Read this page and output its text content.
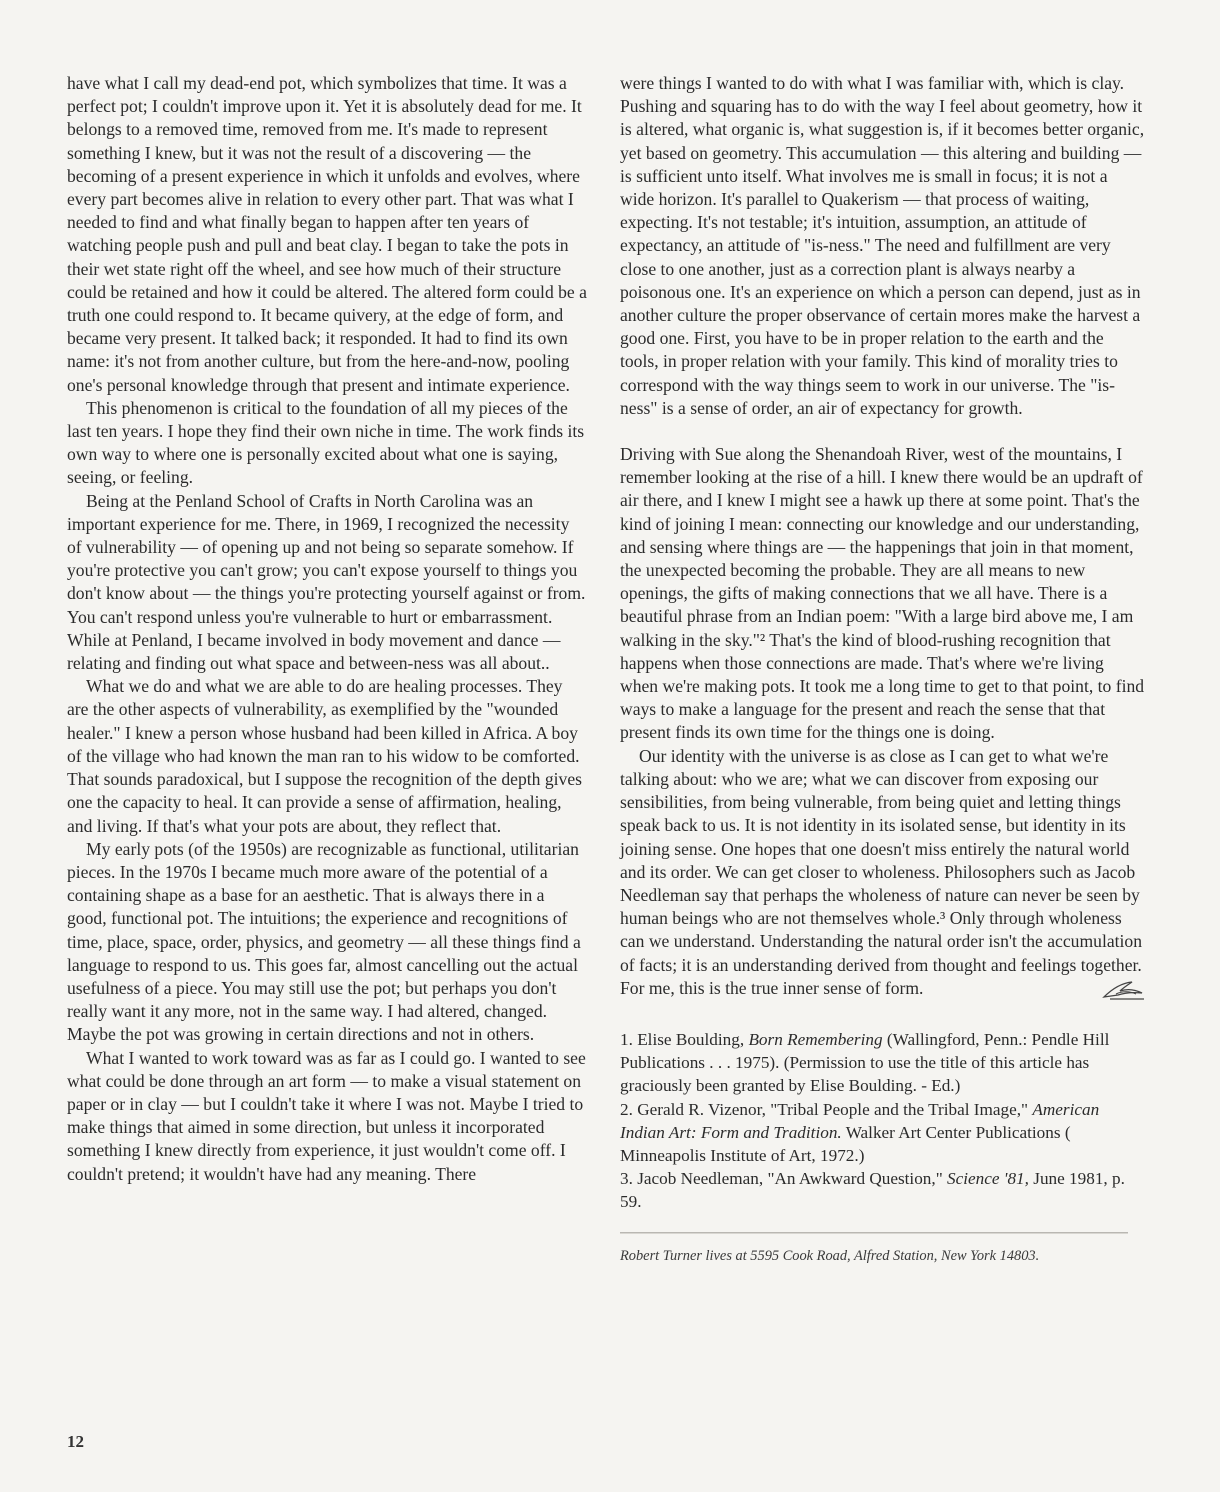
have what I call my dead-end pot, which symbolizes that time. It was a perfect pot; I couldn't improve upon it. Yet it is absolutely dead for me. It belongs to a removed time, removed from me. It's made to represent something I knew, but it was not the result of a discovering — the becoming of a present experience in which it unfolds and evolves, where every part becomes alive in relation to every other part. That was what I needed to find and what finally began to happen after ten years of watching people push and pull and beat clay. I began to take the pots in their wet state right off the wheel, and see how much of their structure could be retained and how it could be altered. The altered form could be a truth one could respond to. It became quivery, at the edge of form, and became very present. It talked back; it responded. It had to find its own name: it's not from another culture, but from the here-and-now, pooling one's personal knowledge through that present and intimate experience.

This phenomenon is critical to the foundation of all my pieces of the last ten years. I hope they find their own niche in time. The work finds its own way to where one is personally excited about what one is saying, seeing, or feeling.

Being at the Penland School of Crafts in North Carolina was an important experience for me. There, in 1969, I recognized the necessity of vulnerability — of opening up and not being so separate somehow. If you're protective you can't grow; you can't expose yourself to things you don't know about — the things you're protecting yourself against or from. You can't respond unless you're vulnerable to hurt or embarrassment. While at Penland, I became involved in body movement and dance — relating and finding out what space and between-ness was all about..

What we do and what we are able to do are healing processes. They are the other aspects of vulnerability, as exemplified by the "wounded healer." I knew a person whose husband had been killed in Africa. A boy of the village who had known the man ran to his widow to be comforted. That sounds paradoxical, but I suppose the recognition of the depth gives one the capacity to heal. It can provide a sense of affirmation, healing, and living. If that's what your pots are about, they reflect that.

My early pots (of the 1950s) are recognizable as functional, utilitarian pieces. In the 1970s I became much more aware of the potential of a containing shape as a base for an aesthetic. That is always there in a good, functional pot. The intuitions; the experience and recognitions of time, place, space, order, physics, and geometry — all these things find a language to respond to us. This goes far, almost cancelling out the actual usefulness of a piece. You may still use the pot; but perhaps you don't really want it any more, not in the same way. I had altered, changed. Maybe the pot was growing in certain directions and not in others.

What I wanted to work toward was as far as I could go. I wanted to see what could be done through an art form — to make a visual statement on paper or in clay — but I couldn't take it where I was not. Maybe I tried to make things that aimed in some direction, but unless it incorporated something I knew directly from experience, it just wouldn't come off. I couldn't pretend; it wouldn't have had any meaning. There

were things I wanted to do with what I was familiar with, which is clay. Pushing and squaring has to do with the way I feel about geometry, how it is altered, what organic is, what suggestion is, if it becomes better organic, yet based on geometry. This accumulation — this altering and building — is sufficient unto itself. What involves me is small in focus; it is not a wide horizon. It's parallel to Quakerism — that process of waiting, expecting. It's not testable; it's intuition, assumption, an attitude of expectancy, an attitude of "is-ness." The need and fulfillment are very close to one another, just as a correction plant is always nearby a poisonous one. It's an experience on which a person can depend, just as in another culture the proper observance of certain mores make the harvest a good one. First, you have to be in proper relation to the earth and the tools, in proper relation with your family. This kind of morality tries to correspond with the way things seem to work in our universe. The "is-ness" is a sense of order, an air of expectancy for growth.

Driving with Sue along the Shenandoah River, west of the mountains, I remember looking at the rise of a hill. I knew there would be an updraft of air there, and I knew I might see a hawk up there at some point. That's the kind of joining I mean: connecting our knowledge and our understanding, and sensing where things are — the happenings that join in that moment, the unexpected becoming the probable. They are all means to new openings, the gifts of making connections that we all have. There is a beautiful phrase from an Indian poem: "With a large bird above me, I am walking in the sky."² That's the kind of blood-rushing recognition that happens when those connections are made. That's where we're living when we're making pots. It took me a long time to get to that point, to find ways to make a language for the present and reach the sense that that present finds its own time for the things one is doing.

Our identity with the universe is as close as I can get to what we're talking about: who we are; what we can discover from exposing our sensibilities, from being vulnerable, from being quiet and letting things speak back to us. It is not identity in its isolated sense, but identity in its joining sense. One hopes that one doesn't miss entirely the natural world and its order. We can get closer to wholeness. Philosophers such as Jacob Needleman say that perhaps the wholeness of nature can never be seen by human beings who are not themselves whole.³ Only through wholeness can we understand. Understanding the natural order isn't the accumulation of facts; it is an understanding derived from thought and feelings together. For me, this is the true inner sense of form.

1. Elise Boulding, Born Remembering (Wallingford, Penn.: Pendle Hill Publications . . . 1975). (Permission to use the title of this article has graciously been granted by Elise Boulding. - Ed.)
2. Gerald R. Vizenor, "Tribal People and the Tribal Image," American Indian Art: Form and Tradition. Walker Art Center Publications ( Minneapolis Institute of Art, 1972.)
3. Jacob Needleman, "An Awkward Question," Science '81, June 1981, p. 59.
Robert Turner lives at 5595 Cook Road, Alfred Station, New York 14803.
12
